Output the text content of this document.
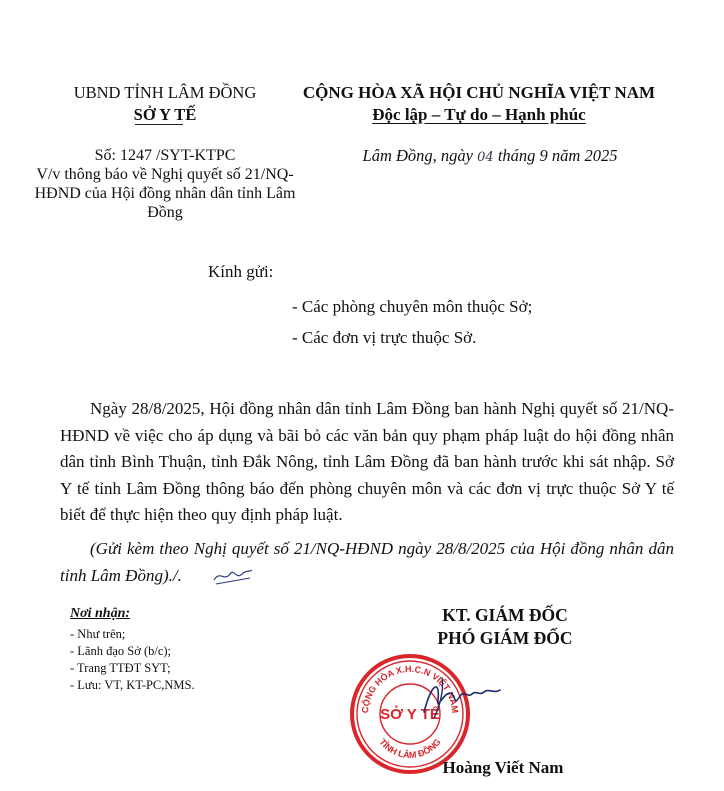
UBND TỈNH LÂM ĐỒNG
SỞ Y TẾ
CỘNG HÒA XÃ HỘI CHỦ NGHĨA VIỆT NAM
Độc lập – Tự do – Hạnh phúc
Số: 1247 /SYT-KTPC
V/v thông báo về Nghị quyết số 21/NQ-HĐND của Hội đồng nhân dân tỉnh Lâm Đồng
Lâm Đồng, ngày 04 tháng 9 năm 2025
Kính gửi:
- Các phòng chuyên môn thuộc Sở;
- Các đơn vị trực thuộc Sở.
Ngày 28/8/2025, Hội đồng nhân dân tỉnh Lâm Đồng ban hành Nghị quyết số 21/NQ-HĐND về việc cho áp dụng và bãi bỏ các văn bản quy phạm pháp luật do hội đồng nhân dân tỉnh Bình Thuận, tỉnh Đắk Nông, tỉnh Lâm Đồng đã ban hành trước khi sát nhập. Sở Y tế tỉnh Lâm Đồng thông báo đến phòng chuyên môn và các đơn vị trực thuộc Sở Y tế biết để thực hiện theo quy định pháp luật.
(Gửi kèm theo Nghị quyết số 21/NQ-HĐND ngày 28/8/2025 của Hội đồng nhân dân tỉnh Lâm Đồng)./.
Nơi nhận:
- Như trên;
- Lãnh đạo Sở (b/c);
- Trang TTĐT SYT;
- Lưu: VT, KT-PC,NMS.
KT. GIÁM ĐỐC
PHÓ GIÁM ĐỐC
CỘNG HÒA X.H.C.N VIỆT NAM
TỈNH LÂM ĐỒNG
SỞ Y TẾ
Hoàng Viết Nam
